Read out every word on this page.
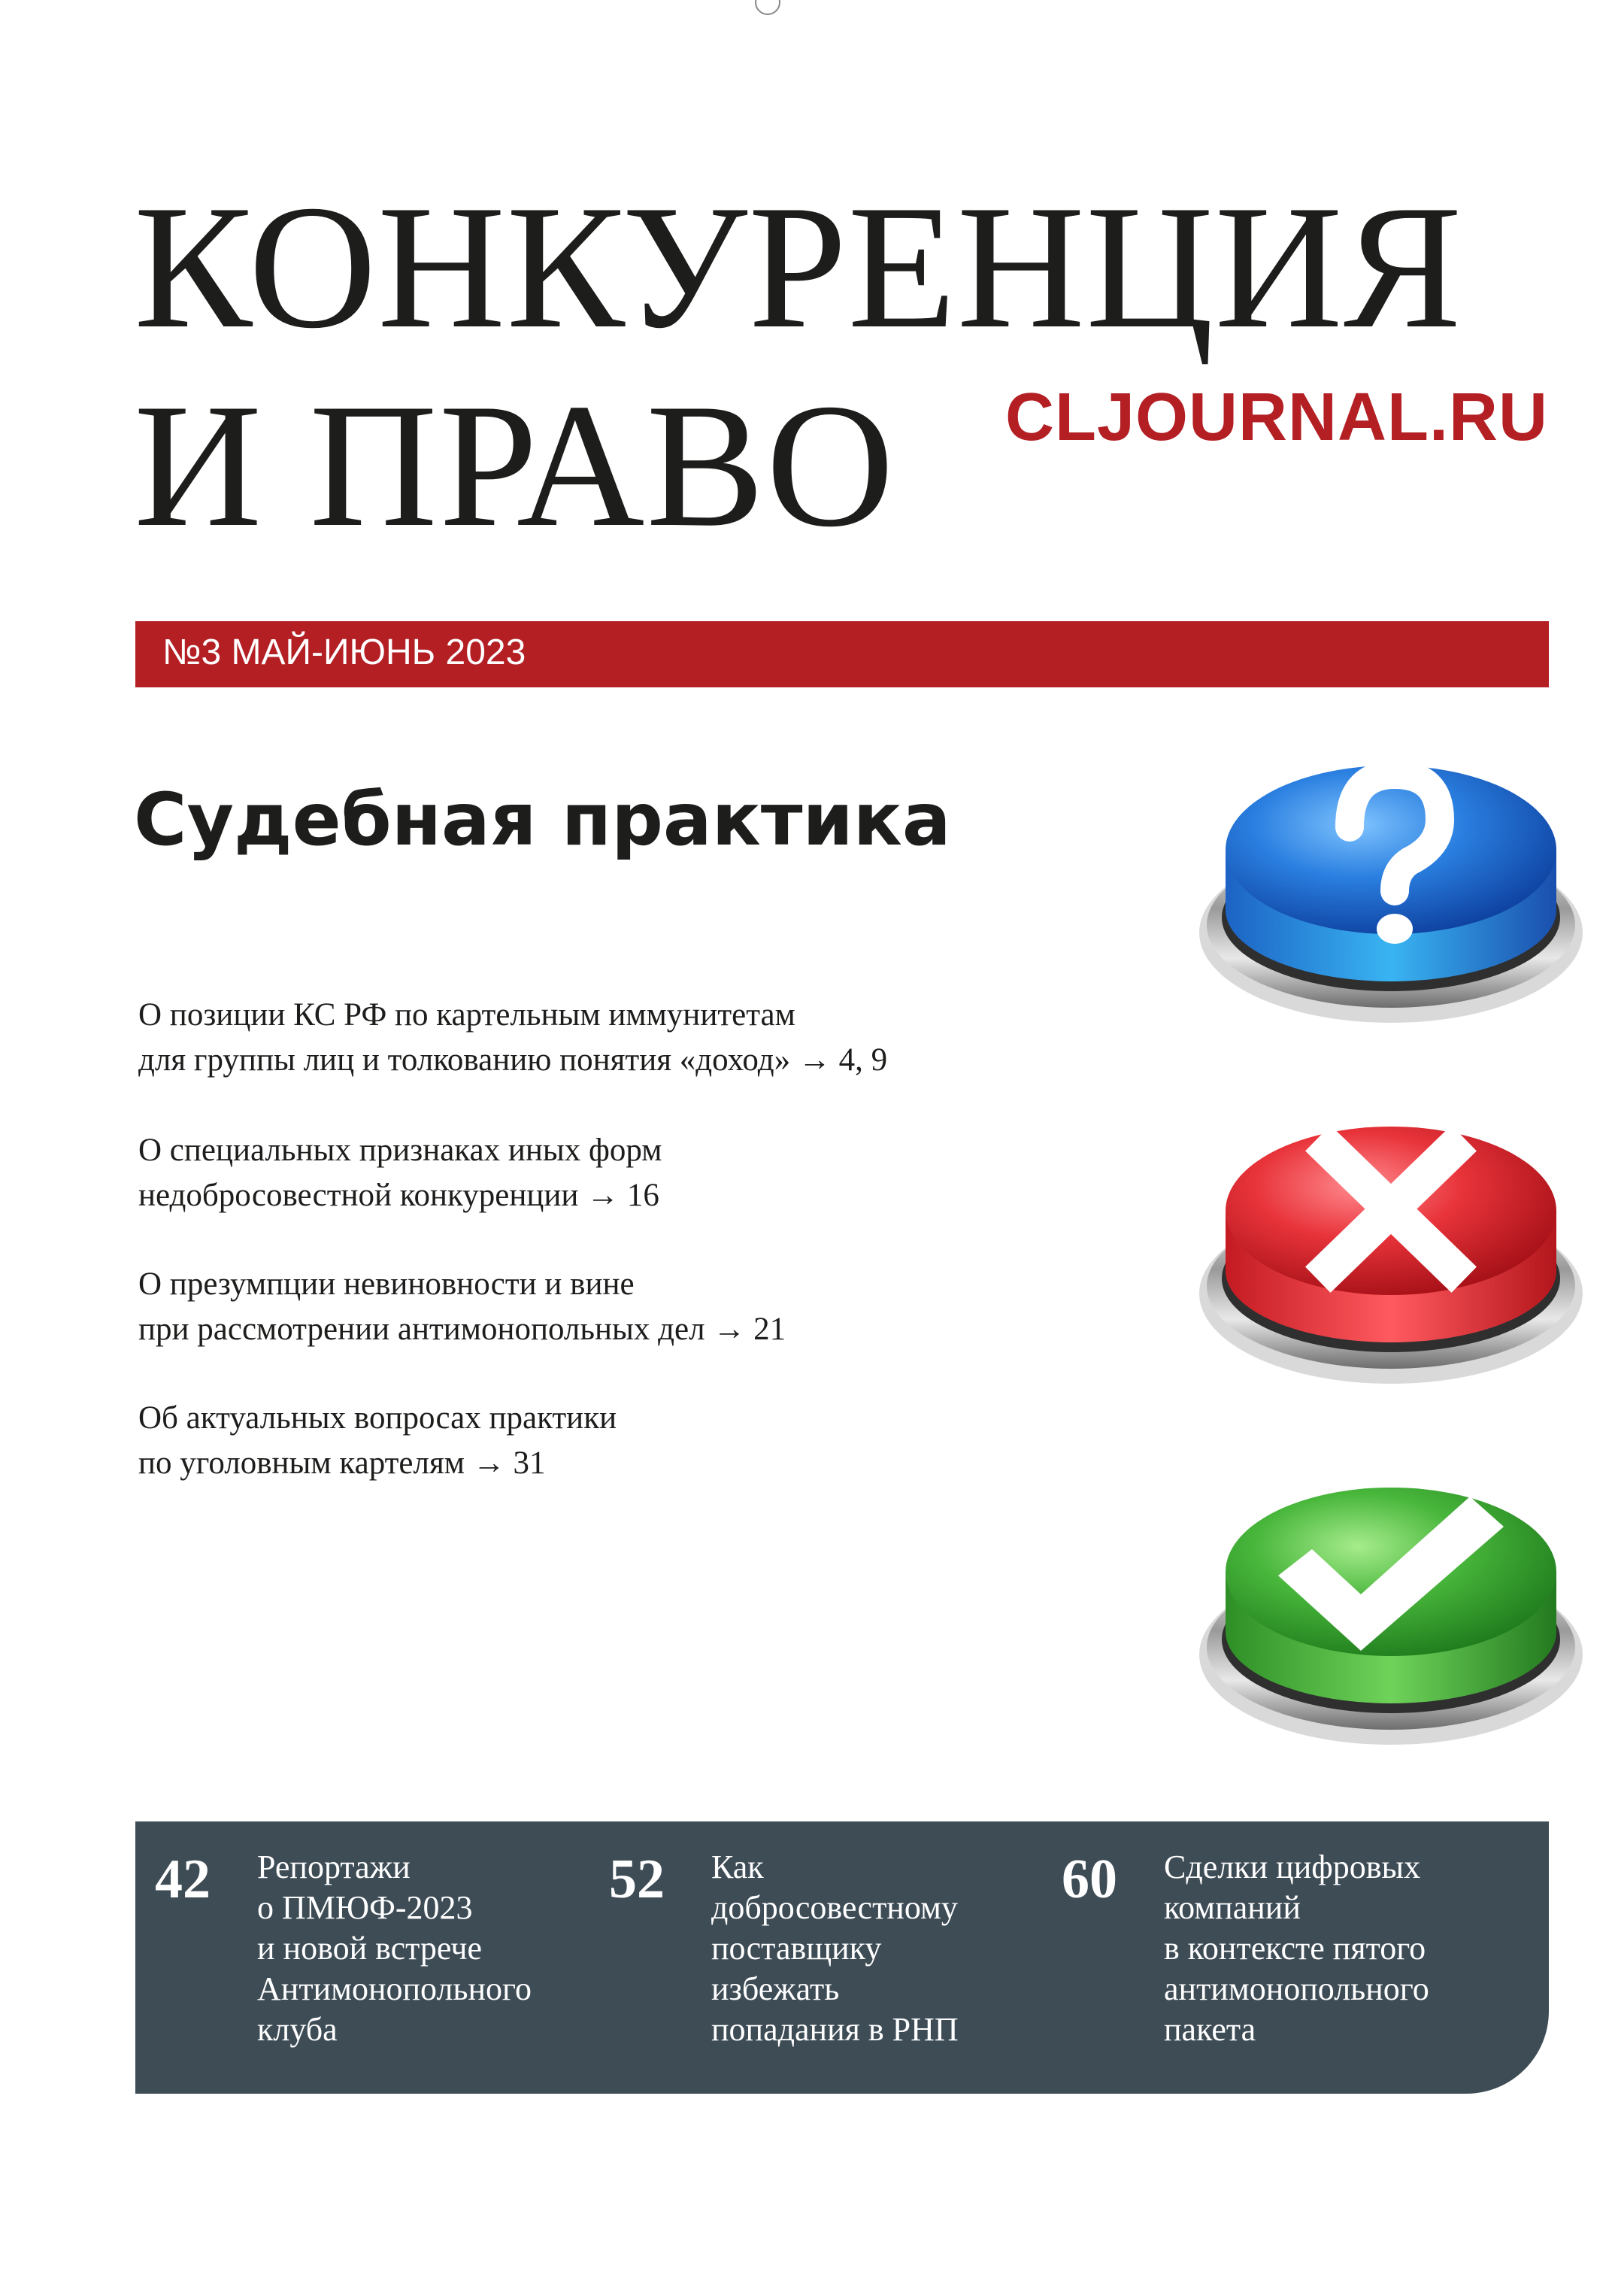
КОНКУРЕНЦИЯ
И ПРАВО CLJOURNAL.RU
№3 МАЙ-ИЮНЬ 2023
Судебная практика

О позиции КС РФ по картельным иммунитетам

для группы лиц и толкованию понятия «доход» → 4, 9

О специальных признаках иных форм

недобросовестной конкуренции → 16

О презумпции невиновности и вине

при рассмотрении антимонопольных дел → 21

Об актуальных вопросах практики

по уголовным картелям → 31

42 Репортажи

о ПМЮФ-2023

и новой встрече

Антимонопольного

клуба

52 Как

добросовестному

поставщику

избежать

попадания в РНП

60 Сделки цифровых

компаний

в контексте пятого

антимонопольного

пакета
